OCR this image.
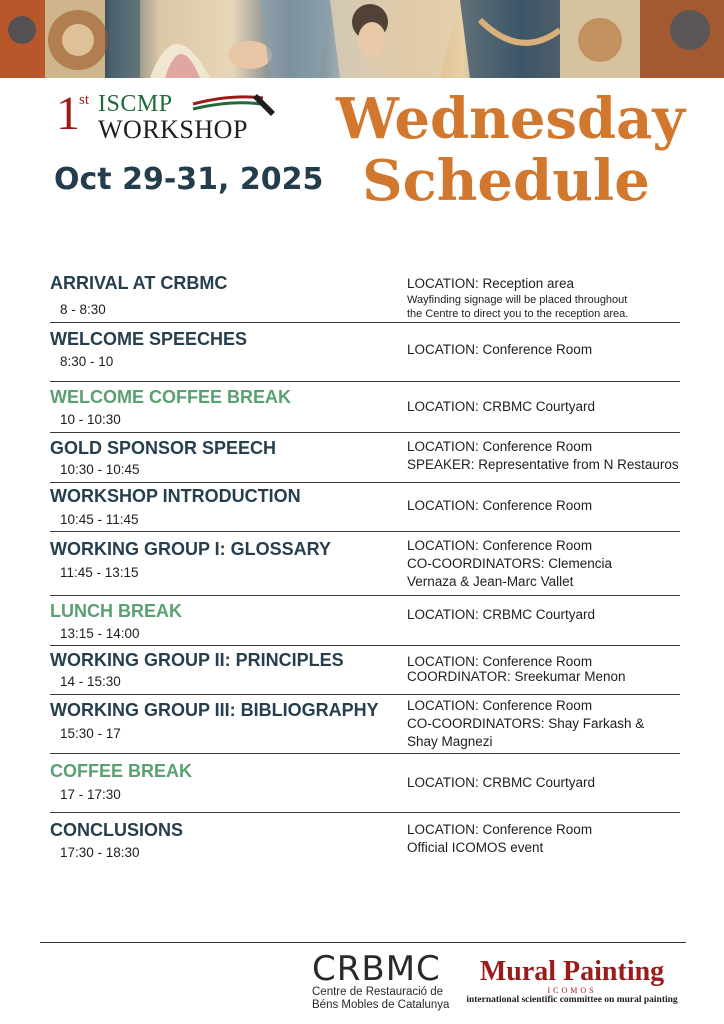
1 st ISCMP
WORKSHOP
Oct 29-31, 2025
Wednesday
Schedule
ARRIVAL AT CRBMC
8 - 8:30
LOCATION: Reception area
Wayfinding signage will be placed throughout
the Centre to direct you to the reception area.
WELCOME SPEECHES
8:30 - 10
LOCATION: Conference Room
WELCOME COFFEE BREAK
10 - 10:30
LOCATION: CRBMC Courtyard
GOLD SPONSOR SPEECH
10:30 - 10:45
LOCATION: Conference Room
SPEAKER: Representative from N Restauros
WORKSHOP INTRODUCTION
10:45 - 11:45
LOCATION: Conference Room
WORKING GROUP I: GLOSSARY
11:45 - 13:15
LOCATION: Conference Room
CO-COORDINATORS: Clemencia
Vernaza & Jean-Marc Vallet
LUNCH BREAK
13:15 - 14:00
LOCATION: CRBMC Courtyard
WORKING GROUP II: PRINCIPLES
14 - 15:30
LOCATION: Conference Room
COORDINATOR: Sreekumar Menon
WORKING GROUP III: BIBLIOGRAPHY
15:30 - 17
LOCATION: Conference Room
CO-COORDINATORS: Shay Farkash &
Shay Magnezi
COFFEE BREAK
17 - 17:30
LOCATION: CRBMC Courtyard
CONCLUSIONS
17:30 - 18:30
LOCATION: Conference Room
Official ICOMOS event
CRBMC
Centre de Restauració de
Béns Mobles de Catalunya
Mural Painting
ICOMOS
international scientific committee on mural painting
